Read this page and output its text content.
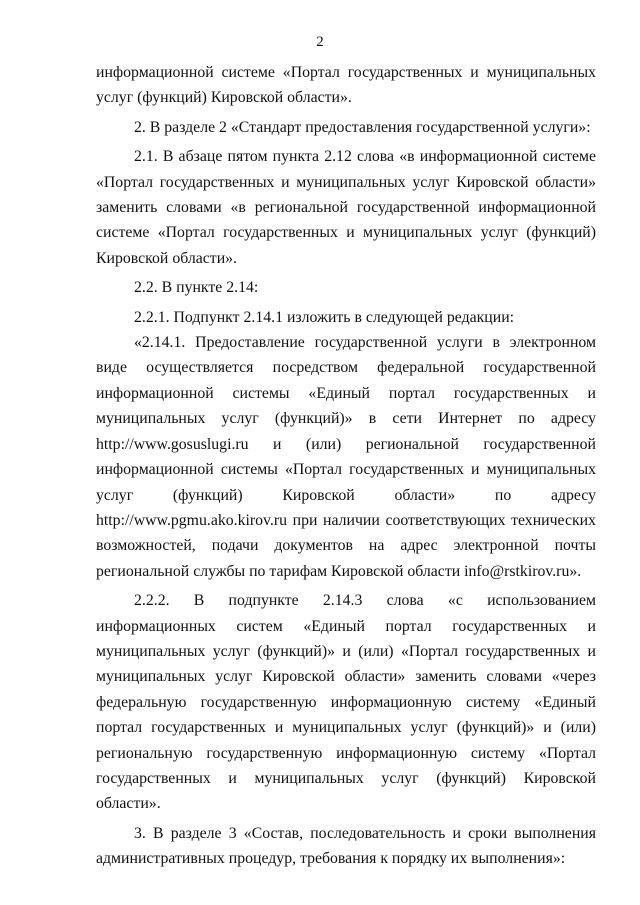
2

информационной системе «Портал государственных и муниципальных услуг (функций) Кировской области».

2. В разделе 2 «Стандарт предоставления государственной услуги»:

2.1. В абзаце пятом пункта 2.12 слова «в информационной системе «Портал государственных и муниципальных услуг Кировской области» заменить словами «в региональной государственной информационной системе «Портал государственных и муниципальных услуг (функций) Кировской области».

2.2. В пункте 2.14:

2.2.1. Подпункт 2.14.1 изложить в следующей редакции:

«2.14.1. Предоставление государственной услуги в электронном виде осуществляется посредством федеральной государственной информационной системы «Единый портал государственных и муниципальных услуг (функций)» в сети Интернет по адресу http://www.gosuslugi.ru и (или) региональной государственной информационной системы «Портал государственных и муниципальных услуг (функций) Кировской области» по адресу http://www.pgmu.ako.kirov.ru при наличии соответствующих технических возможностей, подачи документов на адрес электронной почты региональной службы по тарифам Кировской области info@rstkirov.ru».

2.2.2. В подпункте 2.14.3 слова «с использованием информационных систем «Единый портал государственных и муниципальных услуг (функций)» и (или) «Портал государственных и муниципальных услуг Кировской области» заменить словами «через федеральную государственную информационную систему «Единый портал государственных и муниципальных услуг (функций)» и (или) региональную государственную информационную систему «Портал государственных и муниципальных услуг (функций) Кировской области».

3. В разделе 3 «Состав, последовательность и сроки выполнения административных процедур, требования к порядку их выполнения»:
